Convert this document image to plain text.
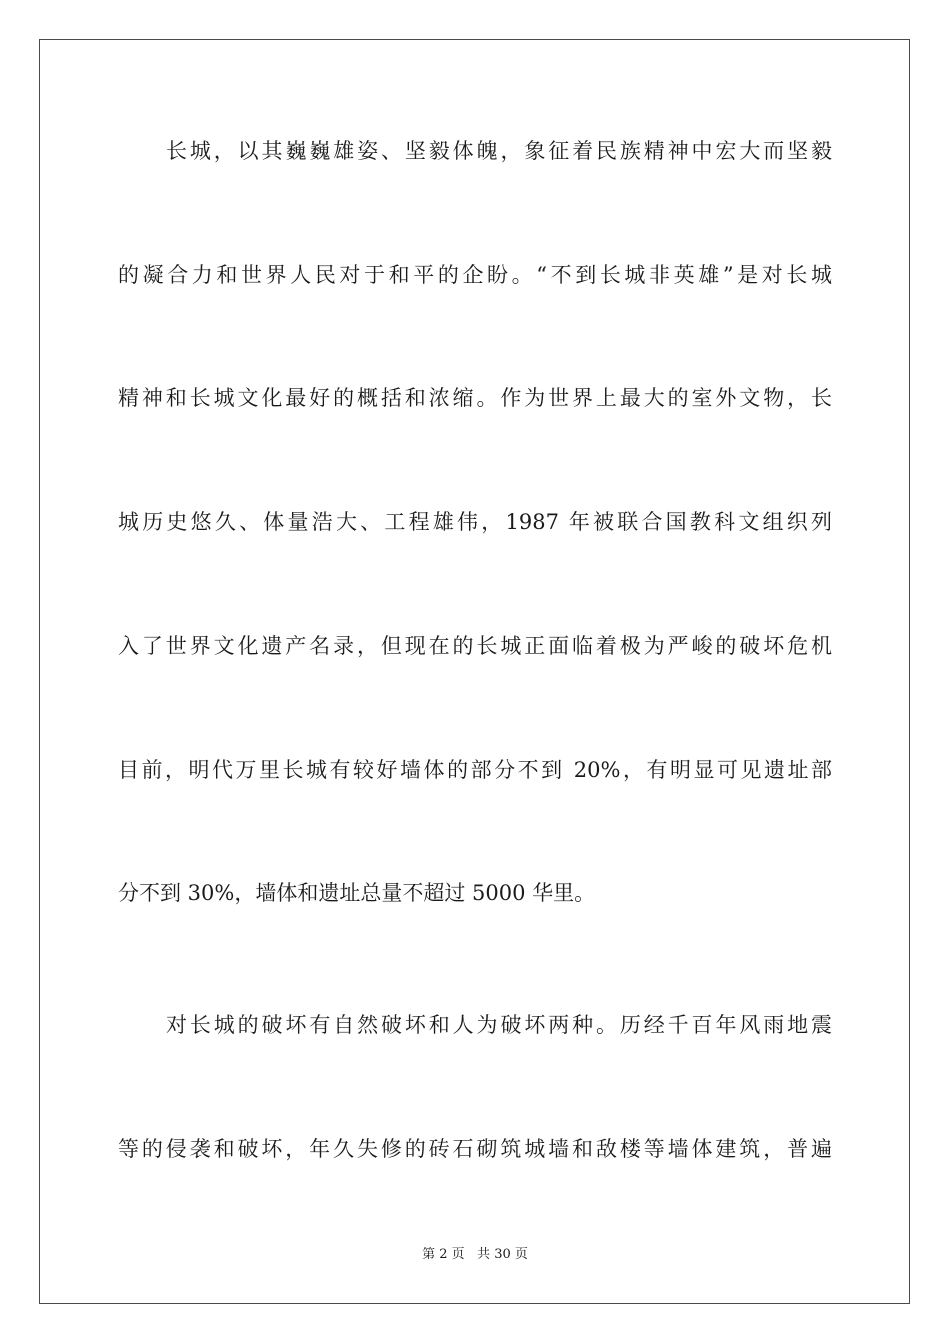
长城，以其巍巍雄姿、坚毅体魄，象征着民族精神中宏大而坚毅
的凝合力和世界人民对于和平的企盼。“不到长城非英雄”是对长城
精神和长城文化最好的概括和浓缩。作为世界上最大的室外文物，长
城历史悠久、体量浩大、工程雄伟，1987 年被联合国教科文组织列
入了世界文化遗产名录，但现在的长城正面临着极为严峻的破坏危机
目前，明代万里长城有较好墙体的部分不到 20%，有明显可见遗址部
分不到 30%，墙体和遗址总量不超过 5000 华里。
对长城的破坏有自然破坏和人为破坏两种。历经千百年风雨地震
等的侵袭和破坏，年久失修的砖石砌筑城墙和敌楼等墙体建筑，普遍
第 2 页   共 30 页
